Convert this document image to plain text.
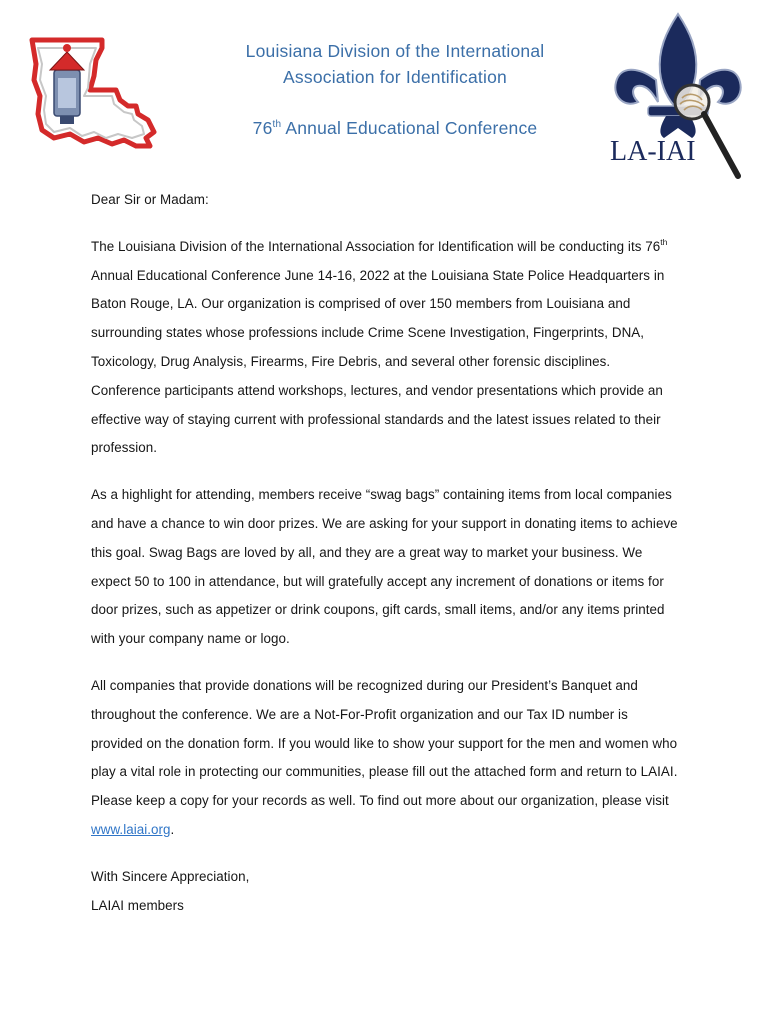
Louisiana Division of the International
Association for Identification
76th Annual Educational Conference
LA-IAI

Dear Sir or Madam:

The Louisiana Division of the International Association for Identification will be conducting its 76th Annual Educational Conference June 14-16, 2022 at the Louisiana State Police Headquarters in Baton Rouge, LA. Our organization is comprised of over 150 members from Louisiana and surrounding states whose professions include Crime Scene Investigation, Fingerprints, DNA, Toxicology, Drug Analysis, Firearms, Fire Debris, and several other forensic disciplines. Conference participants attend workshops, lectures, and vendor presentations which provide an effective way of staying current with professional standards and the latest issues related to their profession.

As a highlight for attending, members receive “swag bags” containing items from local companies and have a chance to win door prizes. We are asking for your support in donating items to achieve this goal. Swag Bags are loved by all, and they are a great way to market your business. We expect 50 to 100 in attendance, but will gratefully accept any increment of donations or items for door prizes, such as appetizer or drink coupons, gift cards, small items, and/or any items printed with your company name or logo.

All companies that provide donations will be recognized during our President’s Banquet and throughout the conference. We are a Not-For-Profit organization and our Tax ID number is provided on the donation form. If you would like to show your support for the men and women who play a vital role in protecting our communities, please fill out the attached form and return to LAIAI. Please keep a copy for your records as well. To find out more about our organization, please visit www.laiai.org.

With Sincere Appreciation,

LAIAI members
